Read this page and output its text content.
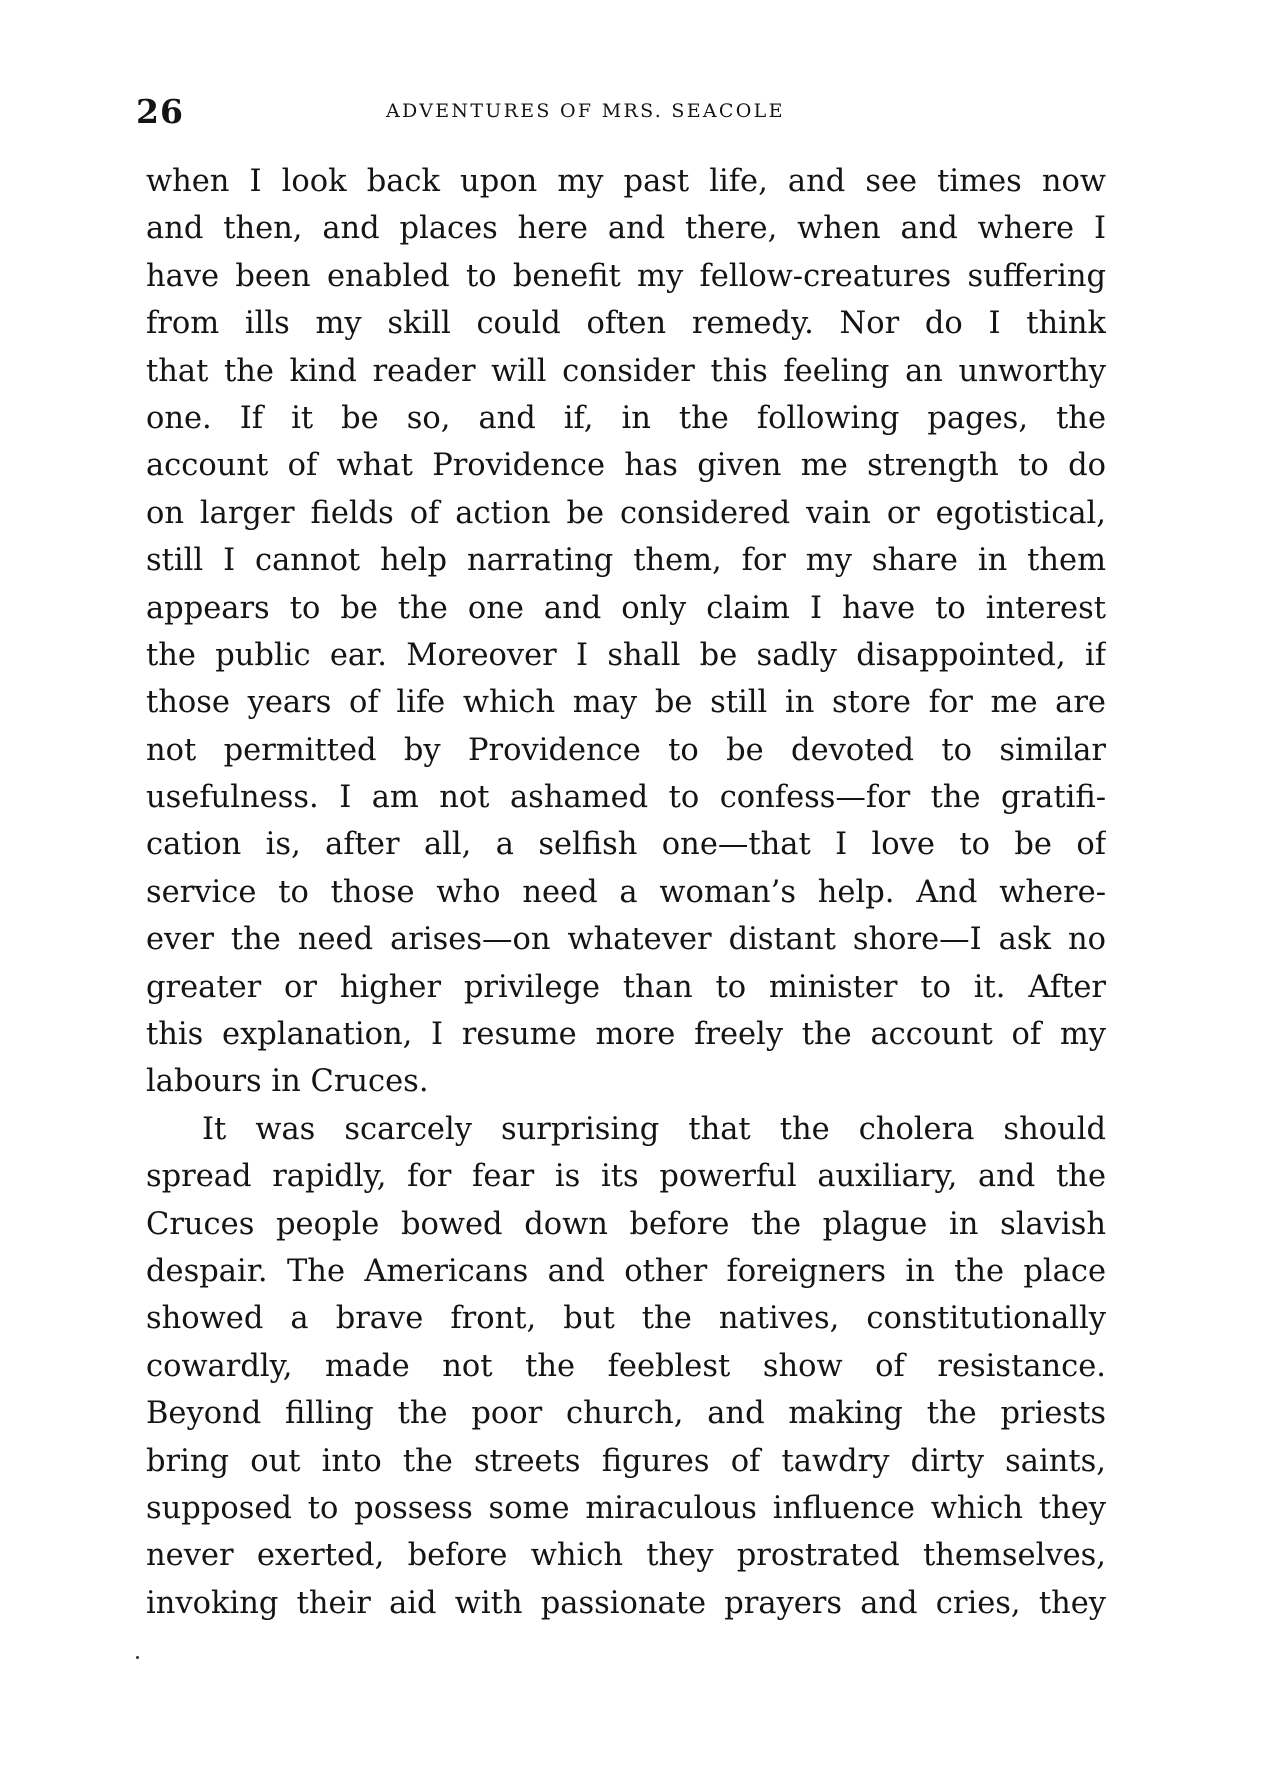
26	ADVENTURES OF MRS. SEACOLE

when I look back upon my past life, and see times now
and then, and places here and there, when and where I
have been enabled to benefit my fellow-creatures suffering
from ills my skill could often remedy. Nor do I think
that the kind reader will consider this feeling an unworthy
one. If it be so, and if, in the following pages, the
account of what Providence has given me strength to do
on larger fields of action be considered vain or egotistical,
still I cannot help narrating them, for my share in them
appears to be the one and only claim I have to interest
the public ear. Moreover I shall be sadly disappointed, if
those years of life which may be still in store for me are
not permitted by Providence to be devoted to similar
usefulness. I am not ashamed to confess—for the gratifi-
cation is, after all, a selfish one—that I love to be of
service to those who need a woman’s help. And where-
ever the need arises—on whatever distant shore—I ask no
greater or higher privilege than to minister to it. After
this explanation, I resume more freely the account of my
labours in Cruces.

It was scarcely surprising that the cholera should
spread rapidly, for fear is its powerful auxiliary, and the
Cruces people bowed down before the plague in slavish
despair. The Americans and other foreigners in the place
showed a brave front, but the natives, constitutionally
cowardly, made not the feeblest show of resistance.
Beyond filling the poor church, and making the priests
bring out into the streets figures of tawdry dirty saints,
supposed to possess some miraculous influence which they
never exerted, before which they prostrated themselves,
invoking their aid with passionate prayers and cries, they
